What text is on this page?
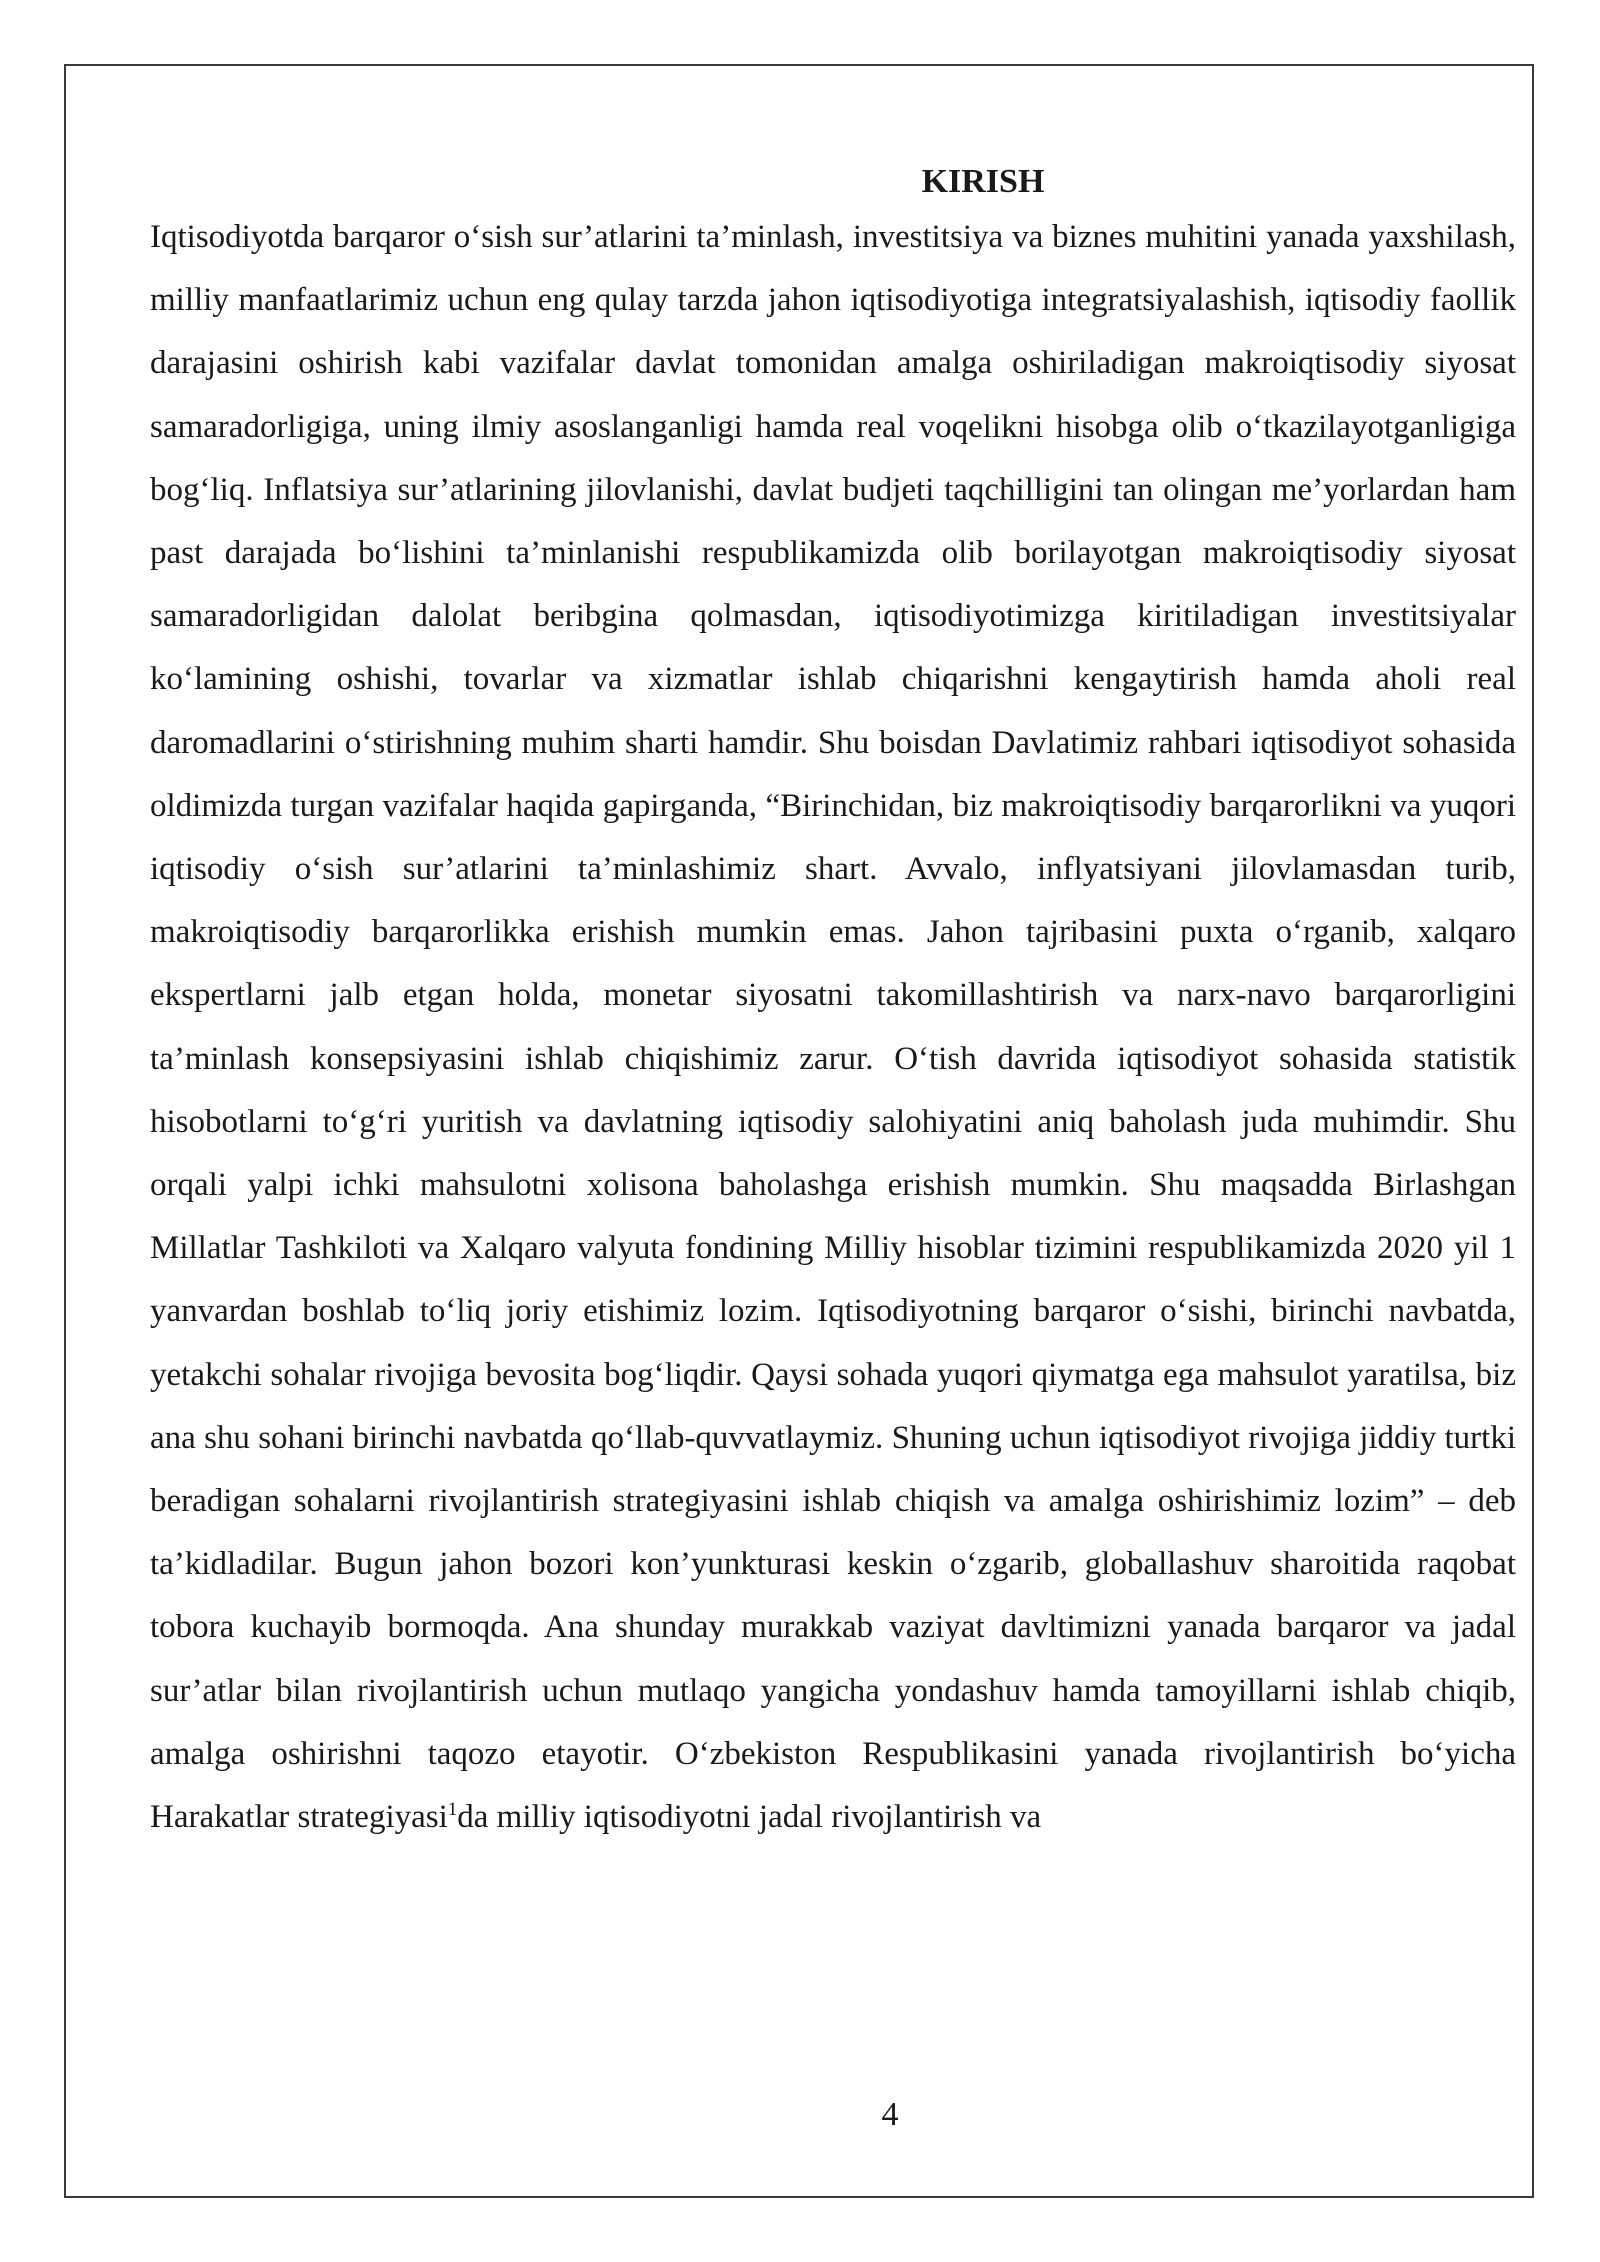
KIRISH

Iqtisodiyotda barqaror o‘sish sur’atlarini ta’minlash, investitsiya va biznes muhitini yanada yaxshilash, milliy manfaatlarimiz uchun eng qulay tarzda jahon iqtisodiyotiga integratsiyalashish, iqtisodiy faollik darajasini oshirish kabi vazifalar davlat tomonidan amalga oshiriladigan makroiqtisodiy siyosat samaradorligiga, uning ilmiy asoslanganligi hamda real voqelikni hisobga olib o‘tkazilayotganligiga bog‘liq. Inflatsiya sur’atlarining jilovlanishi, davlat budjeti taqchilligini tan olingan me’yorlardan ham past darajada bo‘lishini ta’minlanishi respublikamizda olib borilayotgan makroiqtisodiy siyosat samaradorligidan dalolat beribgina qolmasdan, iqtisodiyotimizga kiritiladigan investitsiyalar ko‘lamining oshishi, tovarlar va xizmatlar ishlab chiqarishni kengaytirish hamda aholi real daromadlarini o‘stirishning muhim sharti hamdir. Shu boisdan Davlatimiz rahbari iqtisodiyot sohasida oldimizda turgan vazifalar haqida gapirganda, “Birinchidan, biz makroiqtisodiy barqarorlikni va yuqori iqtisodiy o‘sish sur’atlarini ta’minlashimiz shart. Avvalo, inflyatsiyani jilovlamasdan turib, makroiqtisodiy barqarorlikka erishish mumkin emas. Jahon tajribasini puxta o‘rganib, xalqaro ekspertlarni jalb etgan holda, monetar siyosatni takomillashtirish va narx-navo barqarorligini ta’minlash konsepsiyasini ishlab chiqishimiz zarur. O‘tish davrida iqtisodiyot sohasida statistik hisobotlarni to‘g‘ri yuritish va davlatning iqtisodiy salohiyatini aniq baholash juda muhimdir. Shu orqali yalpi ichki mahsulotni xolisona baholashga erishish mumkin. Shu maqsadda Birlashgan Millatlar Tashkiloti va Xalqaro valyuta fondining Milliy hisoblar tizimini respublikamizda 2020 yil 1 yanvardan boshlab to‘liq joriy etishimiz lozim. Iqtisodiyotning barqaror o‘sishi, birinchi navbatda, yetakchi sohalar rivojiga bevosita bog‘liqdir. Qaysi sohada yuqori qiymatga ega mahsulot yaratilsa, biz ana shu sohani birinchi navbatda qo‘llab-quvvatlaymiz. Shuning uchun iqtisodiyot rivojiga jiddiy turtki beradigan sohalarni rivojlantirish strategiyasini ishlab chiqish va amalga oshirishimiz lozim” – deb ta’kidladilar. Bugun jahon bozori kon’yunkturasi keskin o‘zgarib, globallashuv sharoitida raqobat tobora kuchayib bormoqda. Ana shunday murakkab vaziyat davltimizni yanada barqaror va jadal sur’atlar bilan rivojlantirish uchun mutlaqo yangicha yondashuv hamda tamoyillarni ishlab chiqib, amalga oshirishni taqozo etayotir. O‘zbekiston Respublikasini yanada rivojlantirish bo‘yicha Harakatlar strategiyasi$^1$da milliy iqtisodiyotni jadal rivojlantirish va

4
